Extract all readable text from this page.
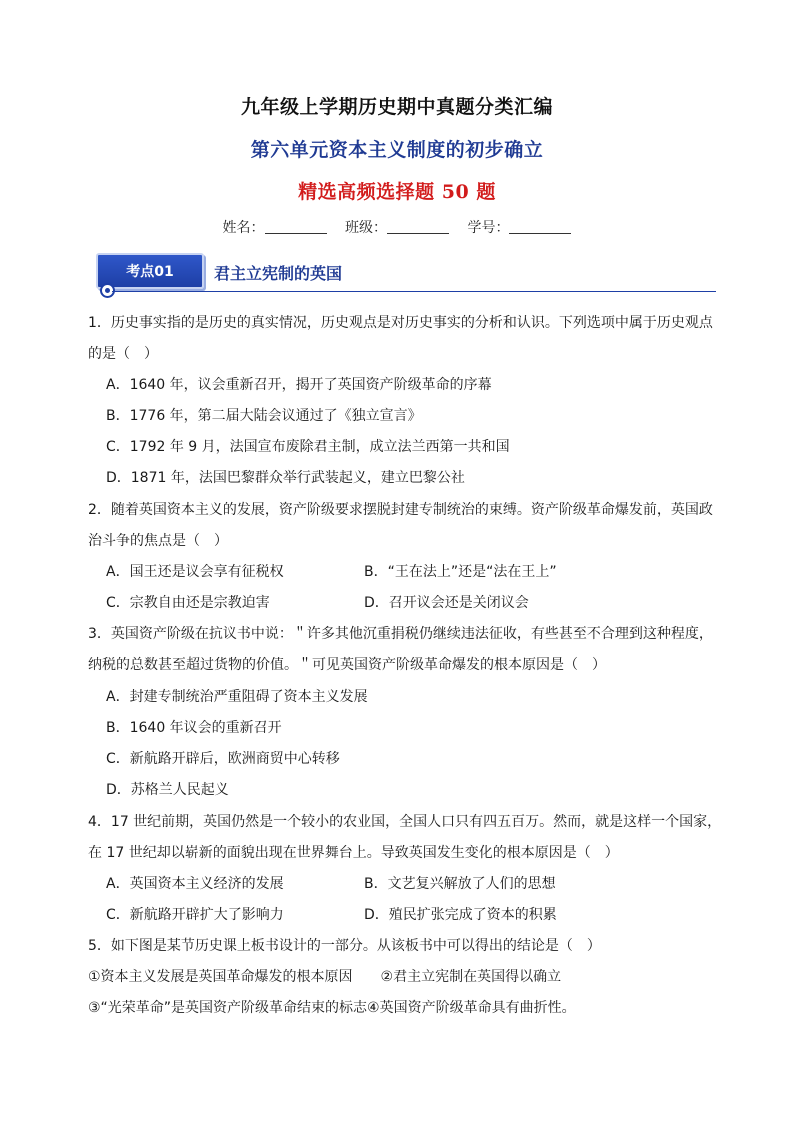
九年级上学期历史期中真题分类汇编
第六单元资本主义制度的初步确立
精选高频选择题 50 题
姓名：	班级：	学号：
考点01	君主立宪制的英国
1．历史事实指的是历史的真实情况，历史观点是对历史事实的分析和认识。下列选项中属于历史观点
的是（　）
A．1640 年，议会重新召开，揭开了英国资产阶级革命的序幕
B．1776 年，第二届大陆会议通过了《独立宣言》
C．1792 年 9 月，法国宣布废除君主制，成立法兰西第一共和国
D．1871 年，法国巴黎群众举行武装起义，建立巴黎公社
2．随着英国资本主义的发展，资产阶级要求摆脱封建专制统治的束缚。资产阶级革命爆发前，英国政
治斗争的焦点是（　）
A．国王还是议会享有征税权	B．“王在法上”还是“法在王上”
C．宗教自由还是宗教迫害	D．召开议会还是关闭议会
3．英国资产阶级在抗议书中说：＂许多其他沉重捐税仍继续违法征收，有些甚至不合理到这种程度，
纳税的总数甚至超过货物的价值。＂可见英国资产阶级革命爆发的根本原因是（　）
A．封建专制统治严重阻碍了资本主义发展
B．1640 年议会的重新召开
C．新航路开辟后，欧洲商贸中心转移
D．苏格兰人民起义
4．17 世纪前期，英国仍然是一个较小的农业国，全国人口只有四五百万。然而，就是这样一个国家，
在 17 世纪却以崭新的面貌出现在世界舞台上。导致英国发生变化的根本原因是（　）
A．英国资本主义经济的发展	B．文艺复兴解放了人们的思想
C．新航路开辟扩大了影响力	D．殖民扩张完成了资本的积累
5．如下图是某节历史课上板书设计的一部分。从该板书中可以得出的结论是（　）
①资本主义发展是英国革命爆发的根本原因　　②君主立宪制在英国得以确立
③“光荣革命”是英国资产阶级革命结束的标志④英国资产阶级革命具有曲折性。
